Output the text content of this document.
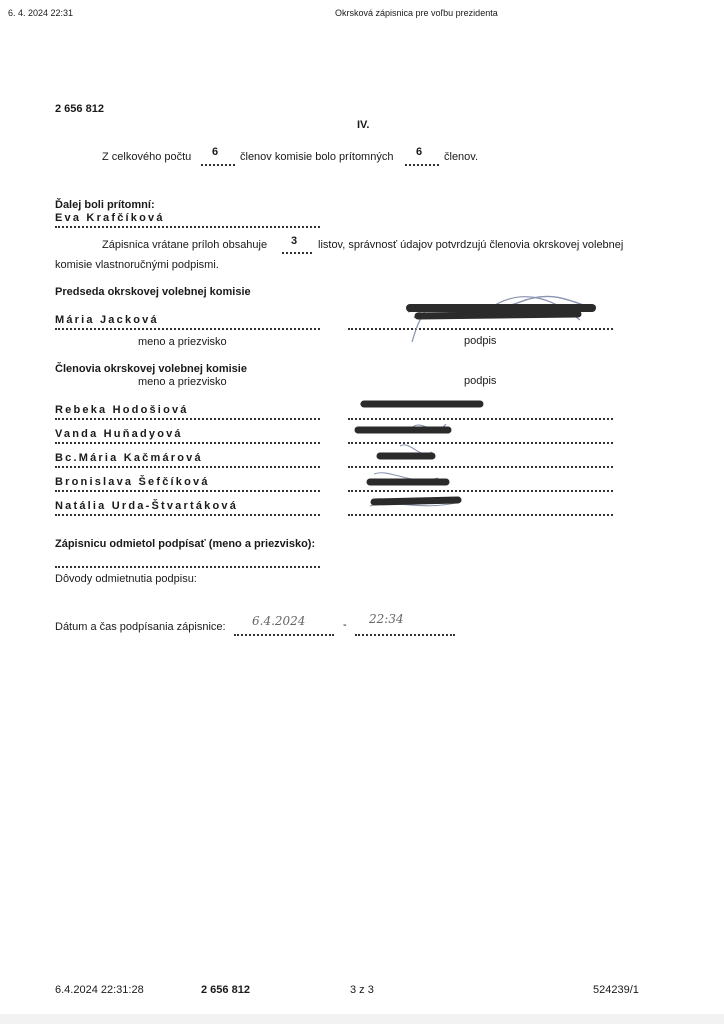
6. 4. 2024 22:31	Okrsková zápisnica pre voľbu prezidenta
2 656 812
IV.
Z celkového počtu 6 členov komisie bolo prítomných 6 členov.
Ďalej boli prítomní:
Eva Krafčíková
Zápisnica vrátane príloh obsahuje 3 listov, správnosť údajov potvrdzujú členovia okrskovej volebnej
komisie vlastnoručnými podpismi.
Predseda okrskovej volebnej komisie
Mária Jacková
meno a priezvisko	podpis
Členovia okrskovej volebnej komisie
meno a priezvisko	podpis
Rebeka Hodošiová
Vanda Huňadyová
Bc.Mária Kačmárová
Bronislava Šefčíková
Natália Urda-Štvartáková
Zápisnicu odmietol podpísať (meno a priezvisko):
Dôvody odmietnutia podpisu:
Dátum a čas podpísania zápisnice: 6.4.2024	- 22:34
6.4.2024 22:31:28	2 656 812	3 z 3	524239/1
